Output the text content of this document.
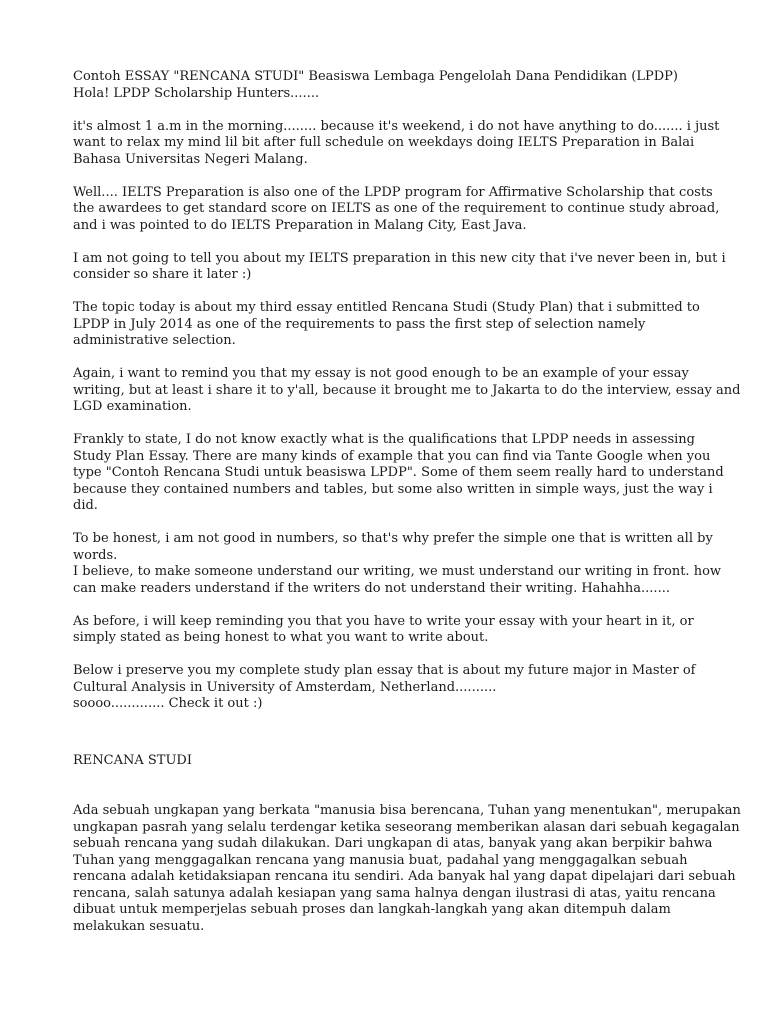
Contoh ESSAY "RENCANA STUDI" Beasiswa Lembaga Pengelolah Dana Pendidikan (LPDP)
Hola! LPDP Scholarship Hunters.......
it's almost 1 a.m in the morning........ because it's weekend, i do not have anything to do....... i just
want to relax my mind lil bit after full schedule on weekdays doing IELTS Preparation in Balai
Bahasa Universitas Negeri Malang.
Well.... IELTS Preparation is also one of the LPDP program for Affirmative Scholarship that costs
the awardees to get standard score on IELTS as one of the requirement to continue study abroad,
and i was pointed to do IELTS Preparation in Malang City, East Java.
I am not going to tell you about my IELTS preparation in this new city that i've never been in, but i
consider so share it later :)
The topic today is about my third essay entitled Rencana Studi (Study Plan) that i submitted to
LPDP in July 2014 as one of the requirements to pass the first step of selection namely
administrative selection.
Again, i want to remind you that my essay is not good enough to be an example of your essay
writing, but at least i share it to y'all, because it brought me to Jakarta to do the interview, essay and
LGD examination.
Frankly to state, I do not know exactly what is the qualifications that LPDP needs in assessing
Study Plan Essay. There are many kinds of example that you can find via Tante Google when you
type "Contoh Rencana Studi untuk beasiswa LPDP". Some of them seem really hard to understand
because they contained numbers and tables, but some also written in simple ways, just the way i
did.
To be honest, i am not good in numbers, so that's why prefer the simple one that is written all by
words.
I believe, to make someone understand our writing, we must understand our writing in front. how
can make readers understand if the writers do not understand their writing. Hahahha.......
As before, i will keep reminding you that you have to write your essay with your heart in it, or
simply stated as being honest to what you want to write about.
Below i preserve you my complete study plan essay that is about my future major in Master of
Cultural Analysis in University of Amsterdam, Netherland..........
soooo............. Check it out :)
RENCANA STUDI
Ada sebuah ungkapan yang berkata "manusia bisa berencana, Tuhan yang menentukan", merupakan
ungkapan pasrah yang selalu terdengar ketika seseorang memberikan alasan dari sebuah kegagalan
sebuah rencana yang sudah dilakukan. Dari ungkapan di atas, banyak yang akan berpikir bahwa
Tuhan yang menggagalkan rencana yang manusia buat, padahal yang menggagalkan sebuah
rencana adalah ketidaksiapan rencana itu sendiri. Ada banyak hal yang dapat dipelajari dari sebuah
rencana, salah satunya adalah kesiapan yang sama halnya dengan ilustrasi di atas, yaitu rencana
dibuat untuk memperjelas sebuah proses dan langkah-langkah yang akan ditempuh dalam
melakukan sesuatu.
